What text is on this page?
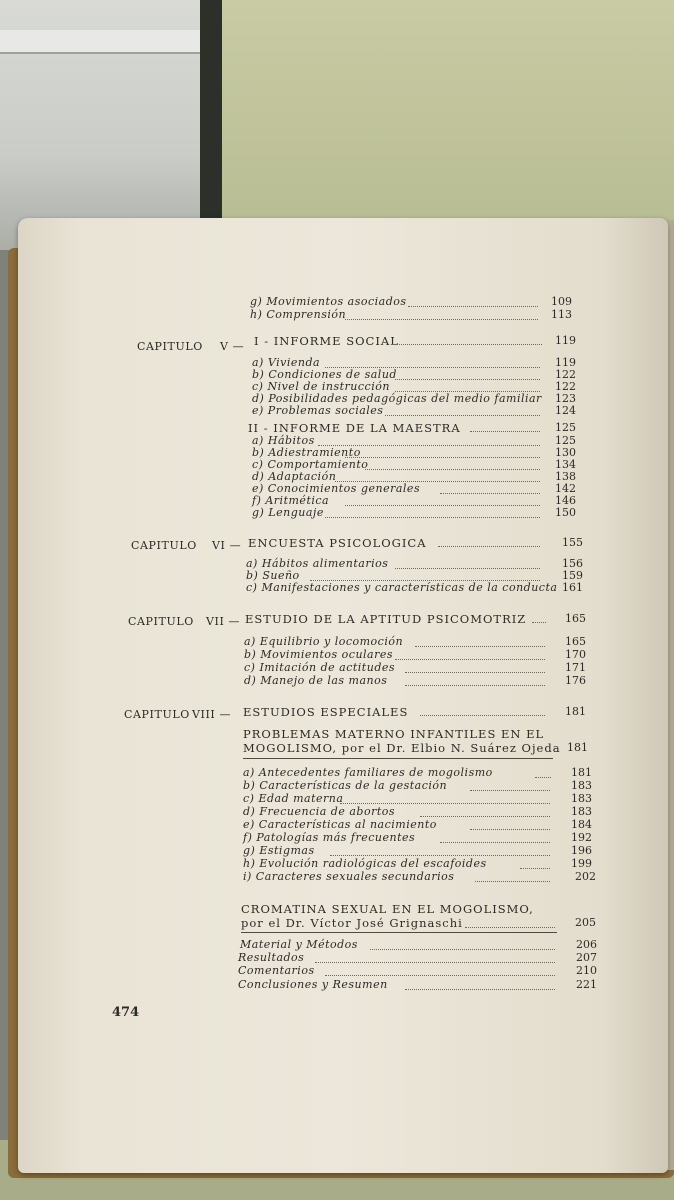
g) Movimientos asociados	109
h) Comprensión	113
CAPITULO V — I - INFORME SOCIAL	119
a) Vivienda	119
b) Condiciones de salud	122
c) Nivel de instrucción	122
d) Posibilidades pedagógicas del medio familiar	123
e) Problemas sociales	124
II - INFORME DE LA MAESTRA	125
a) Hábitos	125
b) Adiestramiento	130
c) Comportamiento	134
d) Adaptación	138
e) Conocimientos generales	142
f) Aritmética	146
g) Lenguaje	150
CAPITULO VI — ENCUESTA PSICOLOGICA	155
a) Hábitos alimentarios	156
b) Sueño	159
c) Manifestaciones y características de la conducta 161
CAPITULO VII — ESTUDIO DE LA APTITUD PSICOMOTRIZ	165
a) Equilibrio y locomoción	165
b) Movimientos oculares	170
c) Imitación de actitudes	171
d) Manejo de las manos	176
CAPITULO VIII — ESTUDIOS ESPECIALES	181
PROBLEMAS MATERNO INFANTILES EN EL
MOGOLISMO, por el Dr. Elbio N. Suárez Ojeda 181
a) Antecedentes familiares de mogolismo	181
b) Características de la gestación	183
c) Edad materna	183
d) Frecuencia de abortos	183
e) Características al nacimiento	184
f) Patologías más frecuentes	192
g) Estigmas	196
h) Evolución radiológicas del escafoides	199
i) Caracteres sexuales secundarios	202
CROMATINA SEXUAL EN EL MOGOLISMO,
por el Dr. Víctor José Grignaschi	205
Material y Métodos	206
Resultados	207
Comentarios	210
Conclusiones y Resumen	221
474
